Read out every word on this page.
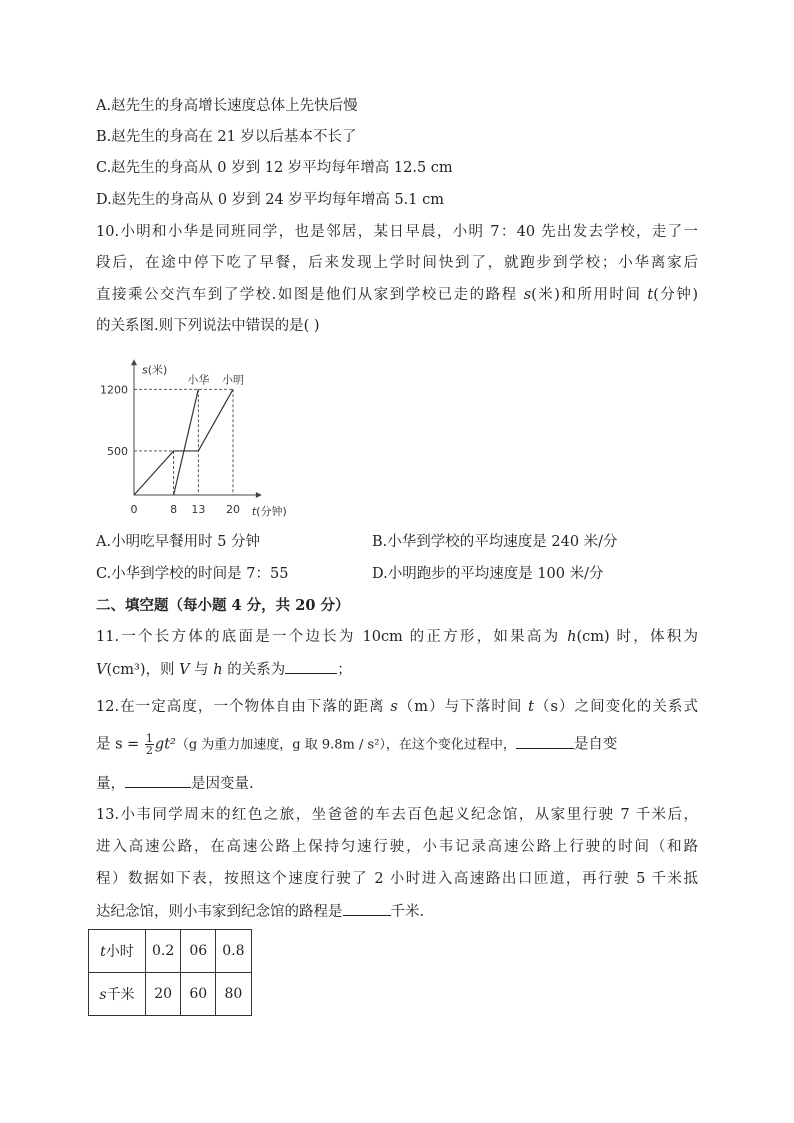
A.赵先生的身高增长速度总体上先快后慢
B.赵先生的身高在 21 岁以后基本不长了
C.赵先生的身高从 0 岁到 12 岁平均每年增高 12.5 cm
D.赵先生的身高从 0 岁到 24 岁平均每年增高 5.1 cm
10.小明和小华是同班同学，也是邻居，某日早晨，小明 7：40 先出发去学校，走了一
段后，在途中停下吃了早餐，后来发现上学时间快到了，就跑步到学校；小华离家后
直接乘公交汽车到了学校.如图是他们从家到学校已走的路程 s(米)和所用时间 t(分钟)
的关系图.则下列说法中错误的是( )
s(米)
t(分钟)
0	8 13 20
500
1200
小明
小华
A.小明吃早餐用时 5 分钟	B.小华到学校的平均速度是 240 米/分
C.小华到学校的时间是 7：55	D.小明跑步的平均速度是 100 米/分
二、填空题（每小题 4 分，共 20 分）
11.一个长方体的底面是一个边长为 10cm 的正方形，如果高为 h(cm) 时，体积为
V(cm³)，则 V 与 h 的关系为	；
12.在一定高度，一个物体自由下落的距离 s（m）与下落时间 t（s）之间变化的关系式
是 $s = \frac{1}{2} gt^2(g$ 为重力加速度，g 取 9.8m / s²），在这个变化过程中，	是自变
量，	是因变量.
13.小韦同学周末的红色之旅，坐爸爸的车去百色起义纪念馆，从家里行驶 7 千米后，
进入高速公路，在高速公路上保持匀速行驶，小韦记录高速公路上行驶的时间（和路
程）数据如下表，按照这个速度行驶了 2 小时进入高速路出口匝道，再行驶 5 千米抵
达纪念馆，则小韦家到纪念馆的路程是	千米.
t小时	0.2	06	0.8
s千米	20	60	80
